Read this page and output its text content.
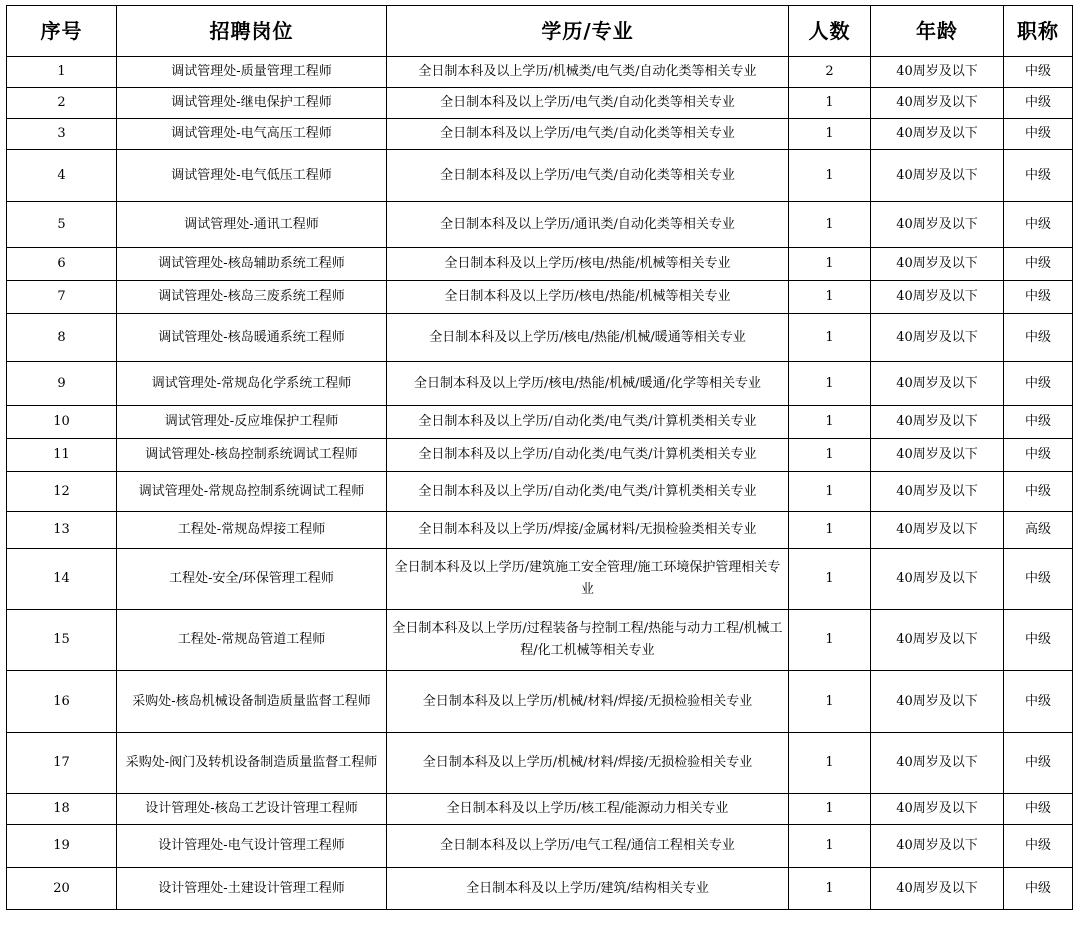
序号	招聘岗位	学历/专业	人数	年龄	职称
1	调试管理处-质量管理工程师	全日制本科及以上学历/机械类/电气类/自动化类等相关专业	2	40周岁及以下	中级
2	调试管理处-继电保护工程师	全日制本科及以上学历/电气类/自动化类等相关专业	1	40周岁及以下	中级
3	调试管理处-电气高压工程师	全日制本科及以上学历/电气类/自动化类等相关专业	1	40周岁及以下	中级
4	调试管理处-电气低压工程师	全日制本科及以上学历/电气类/自动化类等相关专业	1	40周岁及以下	中级
5	调试管理处-通讯工程师	全日制本科及以上学历/通讯类/自动化类等相关专业	1	40周岁及以下	中级
6	调试管理处-核岛辅助系统工程师	全日制本科及以上学历/核电/热能/机械等相关专业	1	40周岁及以下	中级
7	调试管理处-核岛三废系统工程师	全日制本科及以上学历/核电/热能/机械等相关专业	1	40周岁及以下	中级
8	调试管理处-核岛暖通系统工程师	全日制本科及以上学历/核电/热能/机械/暖通等相关专业	1	40周岁及以下	中级
9	调试管理处-常规岛化学系统工程师	全日制本科及以上学历/核电/热能/机械/暖通/化学等相关专业	1	40周岁及以下	中级
10	调试管理处-反应堆保护工程师	全日制本科及以上学历/自动化类/电气类/计算机类相关专业	1	40周岁及以下	中级
11	调试管理处-核岛控制系统调试工程师	全日制本科及以上学历/自动化类/电气类/计算机类相关专业	1	40周岁及以下	中级
12	调试管理处-常规岛控制系统调试工程师	全日制本科及以上学历/自动化类/电气类/计算机类相关专业	1	40周岁及以下	中级
13	工程处-常规岛焊接工程师	全日制本科及以上学历/焊接/金属材料/无损检验类相关专业	1	40周岁及以下	高级
14	工程处-安全/环保管理工程师	全日制本科及以上学历/建筑施工安全管理/施工环境保护管理相关专业	1	40周岁及以下	中级
15	工程处-常规岛管道工程师	全日制本科及以上学历/过程装备与控制工程/热能与动力工程/机械工程/化工机械等相关专业	1	40周岁及以下	中级
16	采购处-核岛机械设备制造质量监督工程师	全日制本科及以上学历/机械/材料/焊接/无损检验相关专业	1	40周岁及以下	中级
17	采购处-阀门及转机设备制造质量监督工程师	全日制本科及以上学历/机械/材料/焊接/无损检验相关专业	1	40周岁及以下	中级
18	设计管理处-核岛工艺设计管理工程师	全日制本科及以上学历/核工程/能源动力相关专业	1	40周岁及以下	中级
19	设计管理处-电气设计管理工程师	全日制本科及以上学历/电气工程/通信工程相关专业	1	40周岁及以下	中级
20	设计管理处-土建设计管理工程师	全日制本科及以上学历/建筑/结构相关专业	1	40周岁及以下	中级
